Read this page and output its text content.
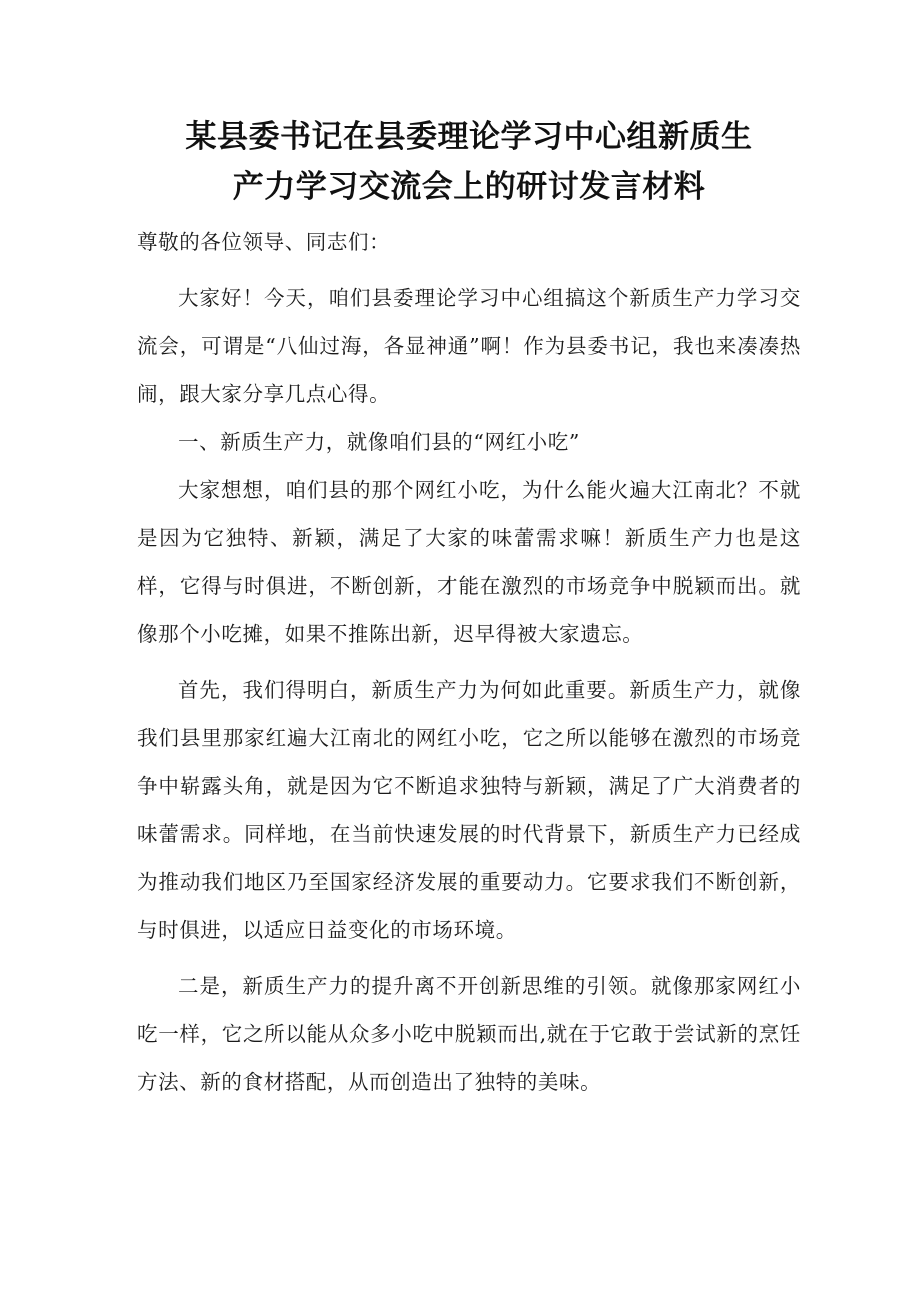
某县委书记在县委理论学习中心组新质生
产力学习交流会上的研讨发言材料

尊敬的各位领导、同志们：

大家好！今天，咱们县委理论学习中心组搞这个新质生产力学习交流会，可谓是“八仙过海，各显神通”啊！作为县委书记，我也来凑凑热闹，跟大家分享几点心得。

一、新质生产力，就像咱们县的“网红小吃”

大家想想，咱们县的那个网红小吃，为什么能火遍大江南北？不就是因为它独特、新颖，满足了大家的味蕾需求嘛！新质生产力也是这样，它得与时俱进，不断创新，才能在激烈的市场竞争中脱颖而出。就像那个小吃摊，如果不推陈出新，迟早得被大家遗忘。

首先，我们得明白，新质生产力为何如此重要。新质生产力，就像我们县里那家红遍大江南北的网红小吃，它之所以能够在激烈的市场竞争中崭露头角，就是因为它不断追求独特与新颖，满足了广大消费者的味蕾需求。同样地，在当前快速发展的时代背景下，新质生产力已经成为推动我们地区乃至国家经济发展的重要动力。它要求我们不断创新，与时俱进，以适应日益变化的市场环境。

二是，新质生产力的提升离不开创新思维的引领。就像那家网红小吃一样，它之所以能从众多小吃中脱颖而出,就在于它敢于尝试新的烹饪方法、新的食材搭配，从而创造出了独特的美味。
